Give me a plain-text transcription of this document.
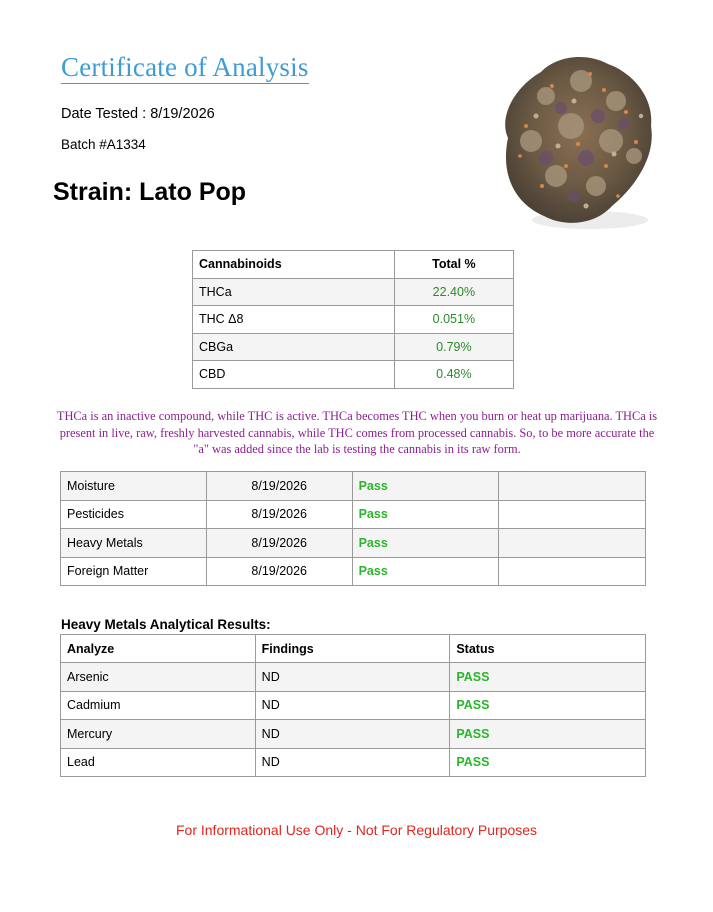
Certificate of Analysis
Date Tested : 8/19/2026
Batch #A1334
Strain: Lato Pop
Cannabinoids	Total %
THCa	22.40%
THC Δ8	0.051%
CBGa	0.79%
CBD	0.48%
THCa is an inactive compound, while THC is active. THCa becomes THC when you burn or heat up marijuana. THCa is present in live, raw, freshly harvested cannabis, while THC comes from processed cannabis. So, to be more accurate the "a" was added since the lab is testing the cannabis in its raw form.
Moisture	8/19/2026	Pass	
Pesticides	8/19/2026	Pass	
Heavy Metals	8/19/2026	Pass	
Foreign Matter	8/19/2026	Pass	
Heavy Metals Analytical Results:
Analyze	Findings	Status
Arsenic	ND	PASS
Cadmium	ND	PASS
Mercury	ND	PASS
Lead	ND	PASS
For Informational Use Only - Not For Regulatory Purposes
